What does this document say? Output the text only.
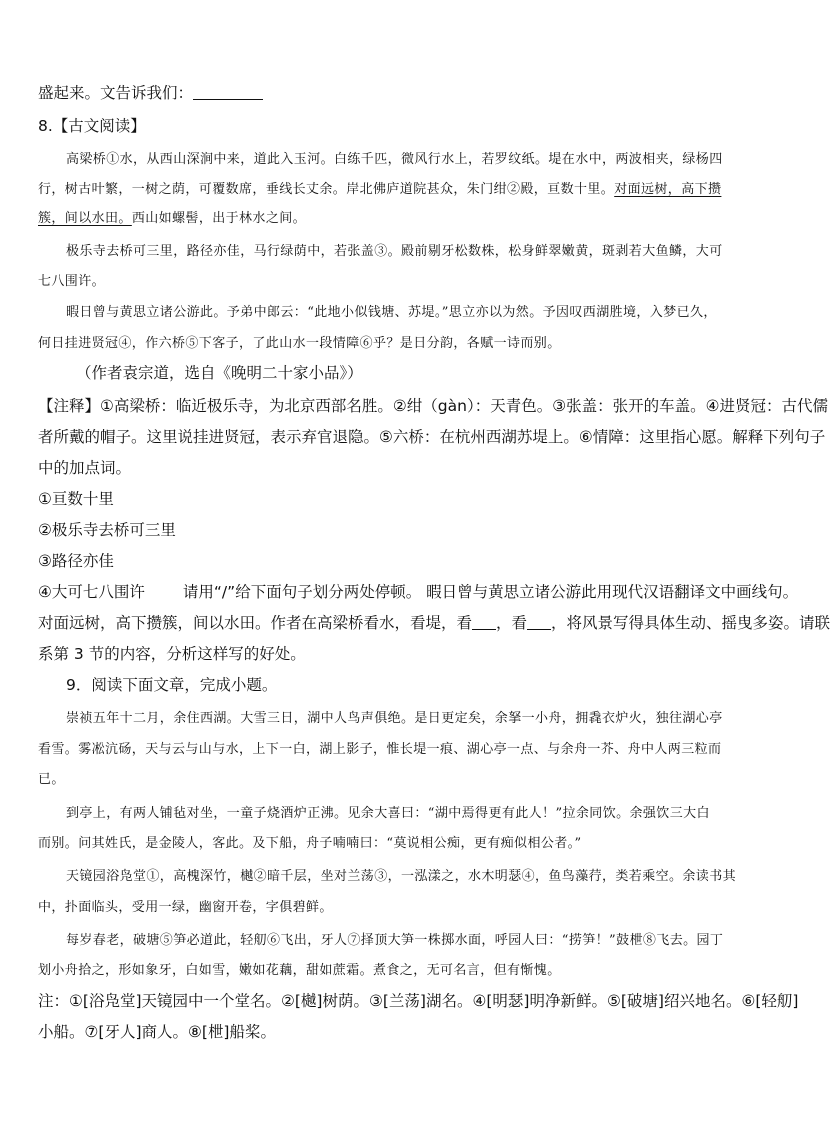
盛起来。文告诉我们：
8.【古文阅读】
高梁桥①水，从西山深涧中来，道此入玉河。白练千匹，微风行水上，若罗纹纸。堤在水中，两波相夹，绿杨四
行，树古叶繁，一树之荫，可覆数席，垂线长丈余。岸北佛庐道院甚众，朱门绀②殿，亘数十里。对面远树，高下攒
簇，间以水田。西山如螺髻，出于林水之间。
极乐寺去桥可三里，路径亦佳，马行绿荫中，若张盖③。殿前剔牙松数株，松身鲜翠嫩黄，斑剥若大鱼鳞，大可
七八围许。
暇日曾与黄思立诸公游此。予弟中郎云：“此地小似钱塘、苏堤。”思立亦以为然。予因叹西湖胜境，入梦已久，
何日挂进贤冠④，作六桥⑤下客子，了此山水一段情障⑥乎？是日分韵，各赋一诗而别。
（作者袁宗道，选自《晚明二十家小品》）
【注释】①高梁桥：临近极乐寺，为北京西部名胜。②绀（gàn）：天青色。③张盖：张开的车盖。④进贤冠：古代儒
者所戴的帽子。这里说挂进贤冠，表示弃官退隐。⑤六桥：在杭州西湖苏堤上。⑥情障：这里指心愿。解释下列句子
中的加点词。
①亘数十里
②极乐寺去桥可三里
③路径亦佳
④大可七八围许 请用“/”给下面句子划分两处停顿。 暇日曾与黄思立诸公游此用现代汉语翻译文中画线句。
对面远树，高下攒簇，间以水田。作者在高梁桥看水，看堤，看 ，看 ，将风景写得具体生动、摇曳多姿。请联
系第 3 节的内容，分析这样写的好处。
9．阅读下面文章，完成小题。
崇祯五年十二月，余住西湖。大雪三日，湖中人鸟声俱绝。是日更定矣，余拏一小舟，拥毳衣炉火，独往湖心亭
看雪。雾凇沆砀，天与云与山与水，上下一白，湖上影子，惟长堤一痕、湖心亭一点、与余舟一芥、舟中人两三粒而
已。
到亭上，有两人铺毡对坐，一童子烧酒炉正沸。见余大喜曰：“湖中焉得更有此人！”拉余同饮。余强饮三大白
而别。问其姓氏，是金陵人，客此。及下船，舟子喃喃曰：“莫说相公痴，更有痴似相公者。”
天镜园浴凫堂①，高槐深竹，樾②暗千层，坐对兰荡③，一泓漾之，水木明瑟④，鱼鸟藻荇，类若乘空。余读书其
中，扑面临头，受用一绿，幽窗开卷，字俱碧鲜。
每岁春老，破塘⑤笋必道此，轻舠⑥飞出，牙人⑦择顶大笋一株掷水面，呼园人曰：“捞笋！”鼓枻⑧飞去。园丁
划小舟拾之，形如象牙，白如雪，嫩如花藕，甜如蔗霜。煮食之，无可名言，但有惭愧。
注：①[浴凫堂]天镜园中一个堂名。②[樾]树荫。③[兰荡]湖名。④[明瑟]明净新鲜。⑤[破塘]绍兴地名。⑥[轻舠]
小船。⑦[牙人]商人。⑧[枻]船桨。
